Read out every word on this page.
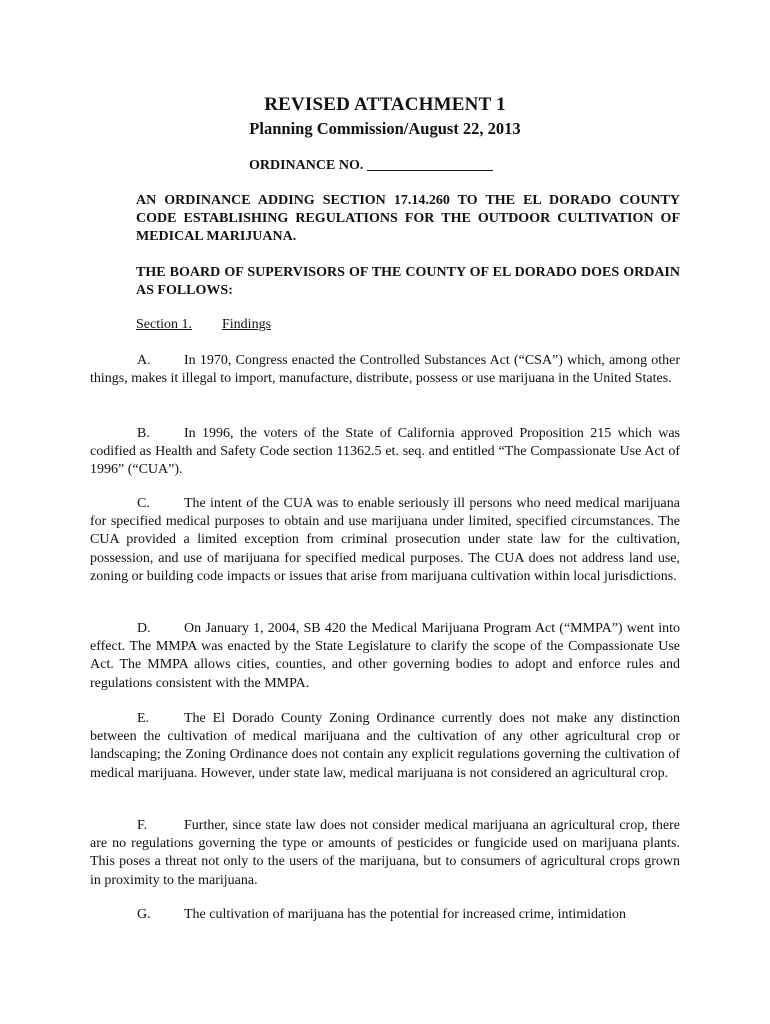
REVISED ATTACHMENT 1
Planning Commission/August 22, 2013
ORDINANCE NO. __________________
AN ORDINANCE ADDING SECTION 17.14.260 TO THE EL DORADO COUNTY CODE ESTABLISHING REGULATIONS FOR THE OUTDOOR CULTIVATION OF MEDICAL MARIJUANA.
THE BOARD OF SUPERVISORS OF THE COUNTY OF EL DORADO DOES ORDAIN AS FOLLOWS:
Section 1. Findings
A. In 1970, Congress enacted the Controlled Substances Act (“CSA”) which, among other things, makes it illegal to import, manufacture, distribute, possess or use marijuana in the United States.
B. In 1996, the voters of the State of California approved Proposition 215 which was codified as Health and Safety Code section 11362.5 et. seq. and entitled “The Compassionate Use Act of 1996” (“CUA”).
C. The intent of the CUA was to enable seriously ill persons who need medical marijuana for specified medical purposes to obtain and use marijuana under limited, specified circumstances. The CUA provided a limited exception from criminal prosecution under state law for the cultivation, possession, and use of marijuana for specified medical purposes. The CUA does not address land use, zoning or building code impacts or issues that arise from marijuana cultivation within local jurisdictions.
D. On January 1, 2004, SB 420 the Medical Marijuana Program Act (“MMPA”) went into effect. The MMPA was enacted by the State Legislature to clarify the scope of the Compassionate Use Act. The MMPA allows cities, counties, and other governing bodies to adopt and enforce rules and regulations consistent with the MMPA.
E. The El Dorado County Zoning Ordinance currently does not make any distinction between the cultivation of medical marijuana and the cultivation of any other agricultural crop or landscaping; the Zoning Ordinance does not contain any explicit regulations governing the cultivation of medical marijuana. However, under state law, medical marijuana is not considered an agricultural crop.
F.	Further, since state law does not consider medical marijuana an agricultural crop, there are no regulations governing the type or amounts of pesticides or fungicide used on marijuana plants. This poses a threat not only to the users of the marijuana, but to consumers of agricultural crops grown in proximity to the marijuana.
G. The cultivation of marijuana has the potential for increased crime, intimidation
